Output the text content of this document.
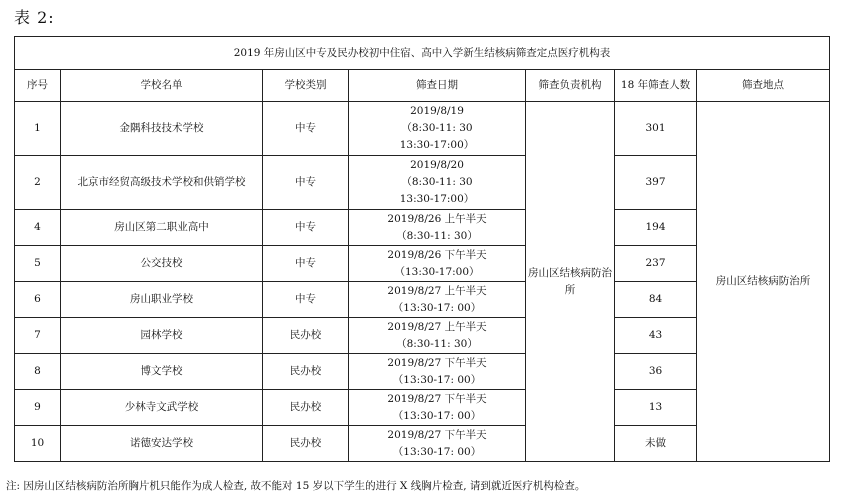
表 2:
2019 年房山区中专及民办校初中住宿、高中入学新生结核病筛查定点医疗机构表						
序号	学校名单	学校类别	筛查日期	筛查负责机构	18 年筛查人数	筛查地点
1	金隅科技技术学校	中专	2019/8/19
（8:30-11: 30
13:30-17:00）	房山区结核病防治所	301	房山区结核病防治所
2	北京市经贸高级技术学校和供销学校	中专	2019/8/20
（8:30-11: 30
13:30-17:00）		397	
4	房山区第二职业高中	中专	2019/8/26 上午半天
（8:30-11: 30）		194	
5	公交技校	中专	2019/8/26 下午半天
（13:30-17:00）		237	
6	房山职业学校	中专	2019/8/27 上午半天
（13:30-17: 00）		84	
7	园林学校	民办校	2019/8/27 上午半天
（8:30-11: 30）		43	
8	博文学校	民办校	2019/8/27 下午半天
（13:30-17: 00）		36	
9	少林寺文武学校	民办校	2019/8/27 下午半天
（13:30-17: 00）		13	
10	诺德安达学校	民办校	2019/8/27 下午半天
（13:30-17: 00）		未做	
注: 因房山区结核病防治所胸片机只能作为成人检查, 故不能对 15 岁以下学生的进行 X 线胸片检查, 请到就近医疗机构检查。
